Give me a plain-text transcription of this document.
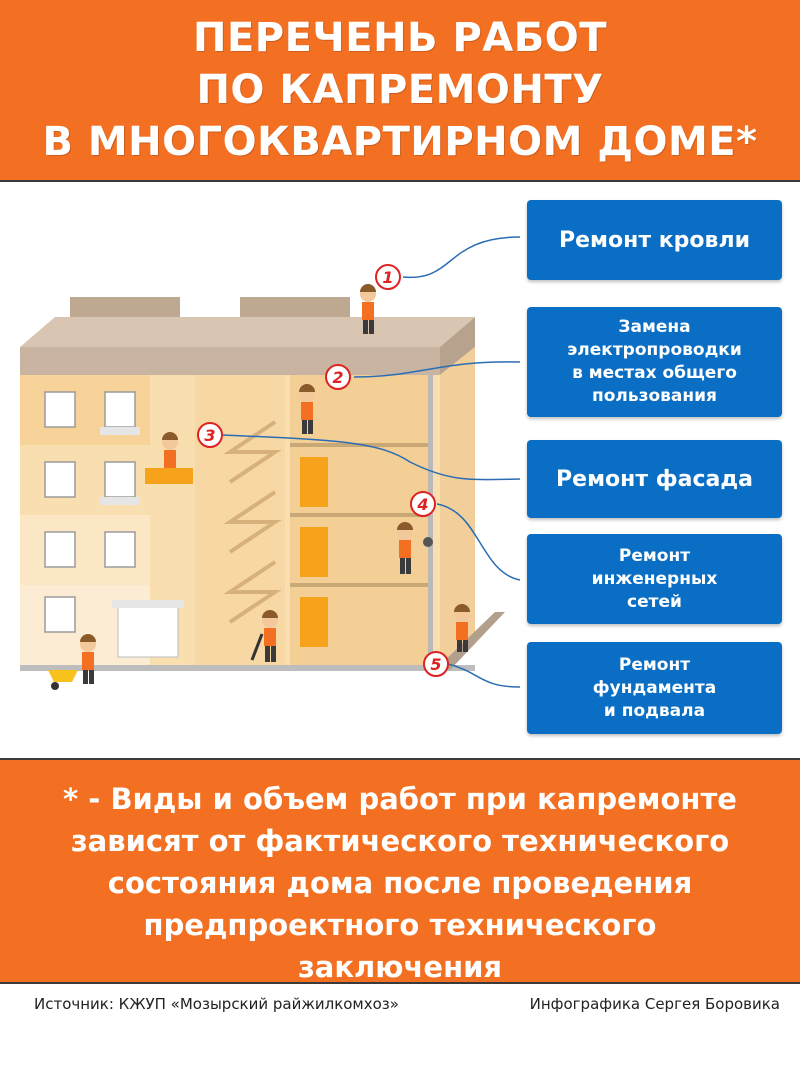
ПЕРЕЧЕНЬ РАБОТ
ПО КАПРЕМОНТУ
В МНОГОКВАРТИРНОМ ДОМЕ*
1
2
3
4
5
Ремонт кровли
Замена
электропроводки
в местах общего
пользования
Ремонт фасада
Ремонт
инженерных
сетей
Ремонт
фундамента
и подвала
* - Виды и объем работ при капремонте
зависят от фактического технического
состояния дома после проведения
предпроектного технического
заключения
Источник: КЖУП «Мозырский райжилкомхоз»	Инфографика Сергея Боровика
